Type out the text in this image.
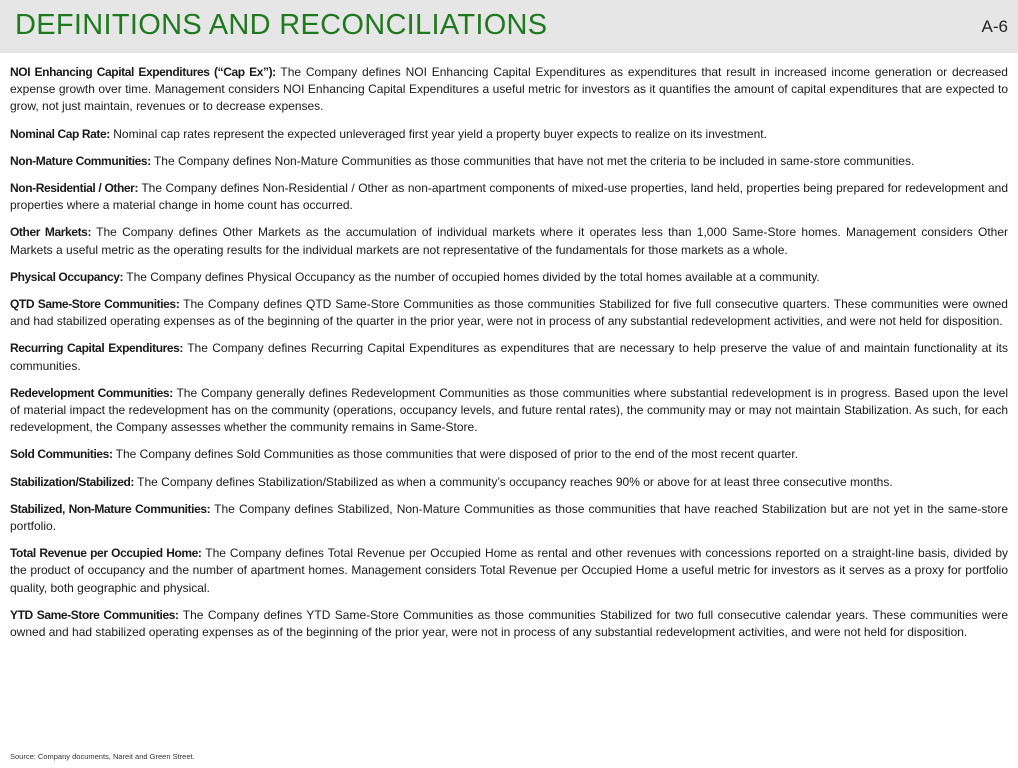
DEFINITIONS AND RECONCILIATIONS	A-6

NOI Enhancing Capital Expenditures (“Cap Ex”): The Company defines NOI Enhancing Capital Expenditures as expenditures that result in increased income generation or decreased expense growth over time. Management considers NOI Enhancing Capital Expenditures a useful metric for investors as it quantifies the amount of capital expenditures that are expected to grow, not just maintain, revenues or to decrease expenses.

Nominal Cap Rate: Nominal cap rates represent the expected unleveraged first year yield a property buyer expects to realize on its investment.

Non-Mature Communities: The Company defines Non-Mature Communities as those communities that have not met the criteria to be included in same-store communities.

Non-Residential / Other: The Company defines Non-Residential / Other as non-apartment components of mixed-use properties, land held, properties being prepared for redevelopment and properties where a material change in home count has occurred.

Other Markets: The Company defines Other Markets as the accumulation of individual markets where it operates less than 1,000 Same-Store homes. Management considers Other Markets a useful metric as the operating results for the individual markets are not representative of the fundamentals for those markets as a whole.

Physical Occupancy: The Company defines Physical Occupancy as the number of occupied homes divided by the total homes available at a community.

QTD Same-Store Communities: The Company defines QTD Same-Store Communities as those communities Stabilized for five full consecutive quarters. These communities were owned and had stabilized operating expenses as of the beginning of the quarter in the prior year, were not in process of any substantial redevelopment activities, and were not held for disposition.

Recurring Capital Expenditures: The Company defines Recurring Capital Expenditures as expenditures that are necessary to help preserve the value of and maintain functionality at its communities.

Redevelopment Communities: The Company generally defines Redevelopment Communities as those communities where substantial redevelopment is in progress. Based upon the level of material impact the redevelopment has on the community (operations, occupancy levels, and future rental rates), the community may or may not maintain Stabilization. As such, for each redevelopment, the Company assesses whether the community remains in Same-Store.

Sold Communities: The Company defines Sold Communities as those communities that were disposed of prior to the end of the most recent quarter.

Stabilization/Stabilized: The Company defines Stabilization/Stabilized as when a community’s occupancy reaches 90% or above for at least three consecutive months.

Stabilized, Non-Mature Communities: The Company defines Stabilized, Non-Mature Communities as those communities that have reached Stabilization but are not yet in the same-store portfolio.

Total Revenue per Occupied Home: The Company defines Total Revenue per Occupied Home as rental and other revenues with concessions reported on a straight-line basis, divided by the product of occupancy and the number of apartment homes. Management considers Total Revenue per Occupied Home a useful metric for investors as it serves as a proxy for portfolio quality, both geographic and physical.

YTD Same-Store Communities: The Company defines YTD Same-Store Communities as those communities Stabilized for two full consecutive calendar years. These communities were owned and had stabilized operating expenses as of the beginning of the prior year, were not in process of any substantial redevelopment activities, and were not held for disposition.

Source: Company documents, Nareit and Green Street.
